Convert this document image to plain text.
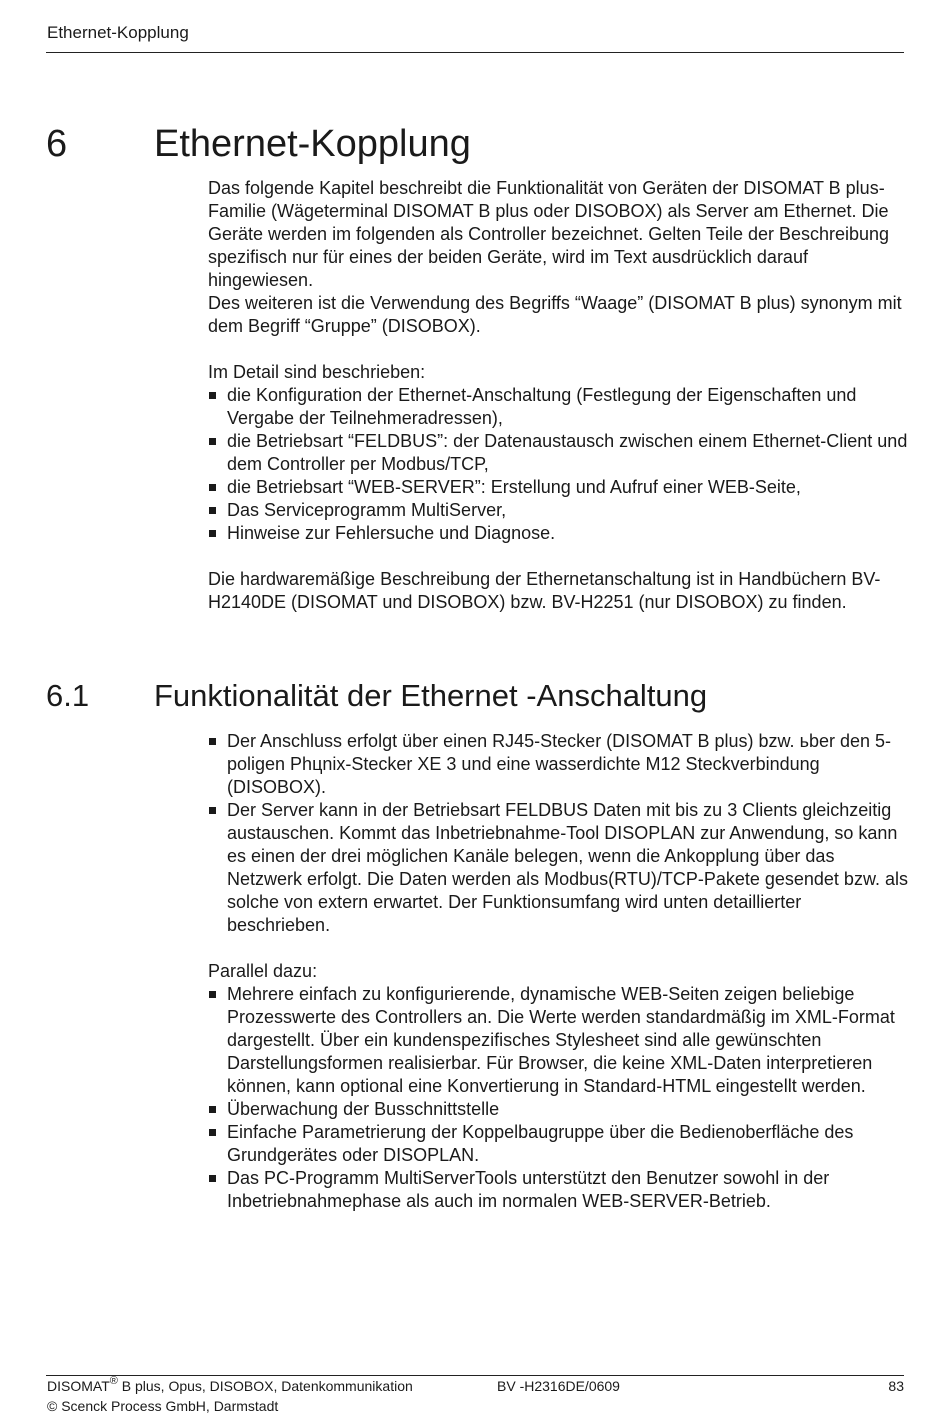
Ethernet-Kopplung
6 Ethernet-Kopplung

Das folgende Kapitel beschreibt die Funktionalität von Geräten der DISOMAT B plus-Familie (Wägeterminal DISOMAT B plus oder DISOBOX) als Server am Ethernet. Die Geräte werden im folgenden als Controller bezeichnet. Gelten Teile der Beschreibung spezifisch nur für eines der beiden Geräte, wird im Text ausdrücklich darauf hingewiesen.

Des weiteren ist die Verwendung des Begriffs “Waage” (DISOMAT B plus) synonym mit dem Begriff “Gruppe” (DISOBOX).

Im Detail sind beschrieben:

die Konfiguration der Ethernet-Anschaltung (Festlegung der Eigenschaften und Vergabe der Teilnehmeradressen),
die Betriebsart “FELDBUS”: der Datenaustausch zwischen einem Ethernet-Client und dem Controller per Modbus/TCP,
die Betriebsart “WEB-SERVER”: Erstellung und Aufruf einer WEB-Seite,
Das Serviceprogramm MultiServer,
Hinweise zur Fehlersuche und Diagnose.

Die hardwaremäßige Beschreibung der Ethernetanschaltung ist in Handbüchern BV-H2140DE (DISOMAT und DISOBOX) bzw. BV-H2251 (nur DISOBOX) zu finden.

6.1 Funktionalität der Ethernet -Anschaltung
Der Anschluss erfolgt über einen RJ45-Stecker (DISOMAT B plus) bzw. ьber den 5-poligen Phцnix-Stecker XE 3 und eine wasserdichte M12 Steckverbindung (DISOBOX).
Der Server kann in der Betriebsart FELDBUS Daten mit bis zu 3 Clients gleichzeitig austauschen. Kommt das Inbetriebnahme-Tool DISOPLAN zur Anwendung, so kann es einen der drei möglichen Kanäle belegen, wenn die Ankopplung über das Netzwerk erfolgt. Die Daten werden als Modbus(RTU)/TCP-Pakete gesendet bzw. als solche von extern erwartet. Der Funktionsumfang wird unten detaillierter beschrieben.

Parallel dazu:

Mehrere einfach zu konfigurierende, dynamische WEB-Seiten zeigen beliebige Prozesswerte des Controllers an. Die Werte werden standardmäßig im XML-Format dargestellt. Über ein kundenspezifisches Stylesheet sind alle gewünschten Darstellungsformen realisierbar. Für Browser, die keine XML-Daten interpretieren können, kann optional eine Konvertierung in Standard-HTML eingestellt werden.
Überwachung der Busschnittstelle
Einfache Parametrierung der Koppelbaugruppe über die Bedienoberfläche des Grundgerätes oder DISOPLAN.
Das PC-Programm MultiServerTools unterstützt den Benutzer sowohl in der Inbetriebnahmephase als auch im normalen WEB-SERVER-Betrieb.
DISOMAT® B plus, Opus, DISOBOX, Datenkommunikation	BV -H2316DE/0609	83
© Scenck Process GmbH, Darmstadt
